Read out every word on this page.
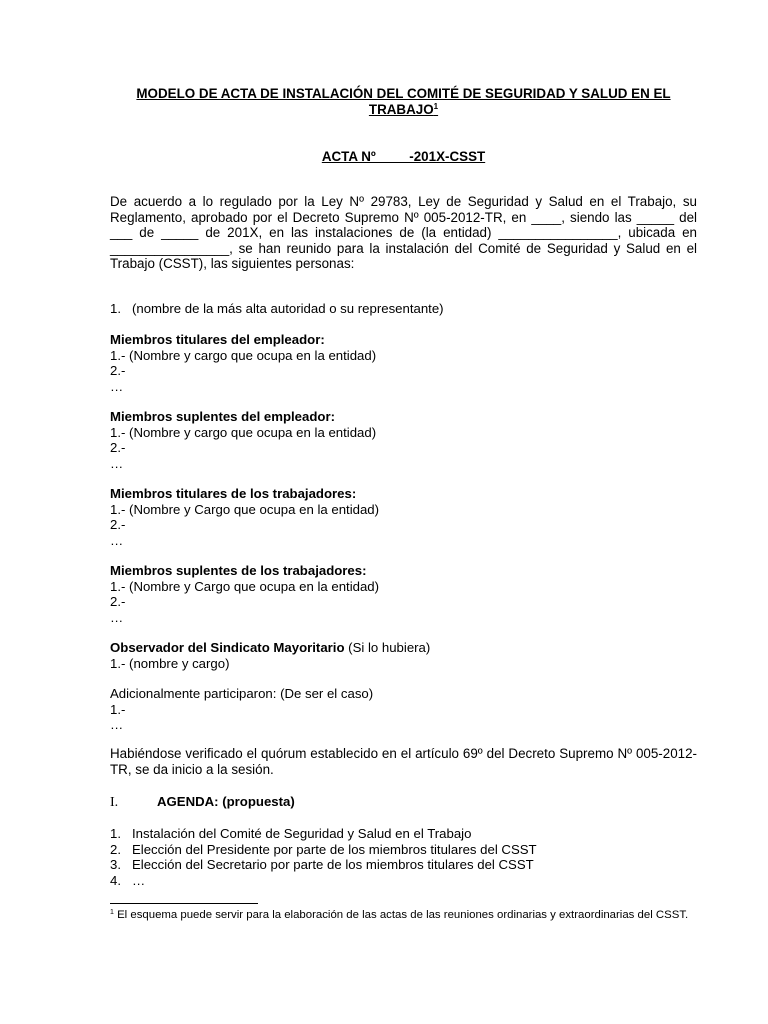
MODELO DE ACTA DE INSTALACIÓN DEL COMITÉ DE SEGURIDAD Y SALUD EN EL TRABAJO$^1$
ACTA Nº         -201X-CSST
De acuerdo a lo regulado por la Ley Nº 29783, Ley de Seguridad y Salud en el Trabajo, su Reglamento, aprobado por el Decreto Supremo Nº 005-2012-TR, en ____, siendo las _____ del ___ de _____ de 201X, en las instalaciones de (la entidad) ________________, ubicada en ________________, se han reunido para la instalación del Comité de Seguridad y Salud en el Trabajo (CSST), las siguientes personas:
1. (nombre de la más alta autoridad o su representante)
Miembros titulares del empleador:
1.- (Nombre y cargo que ocupa en la entidad)
2.-
…
Miembros suplentes del empleador:
1.- (Nombre y cargo que ocupa en la entidad)
2.-
…
Miembros titulares de los trabajadores:
1.- (Nombre y Cargo que ocupa en la entidad)
2.-
…
Miembros suplentes de los trabajadores:
1.- (Nombre y Cargo que ocupa en la entidad)
2.-
…
Observador del Sindicato Mayoritario (Si lo hubiera)
1.- (nombre y cargo)
Adicionalmente participaron: (De ser el caso)
1.-
…
Habiéndose verificado el quórum establecido en el artículo 69º del Decreto Supremo Nº 005-2012-TR, se da inicio a la sesión.
I.	AGENDA: (propuesta)
1. Instalación del Comité de Seguridad y Salud en el Trabajo
2. Elección del Presidente por parte de los miembros titulares del CSST
3. Elección del Secretario por parte de los miembros titulares del CSST
4. …
$^1$ El esquema puede servir para la elaboración de las actas de las reuniones ordinarias y extraordinarias del CSST.
